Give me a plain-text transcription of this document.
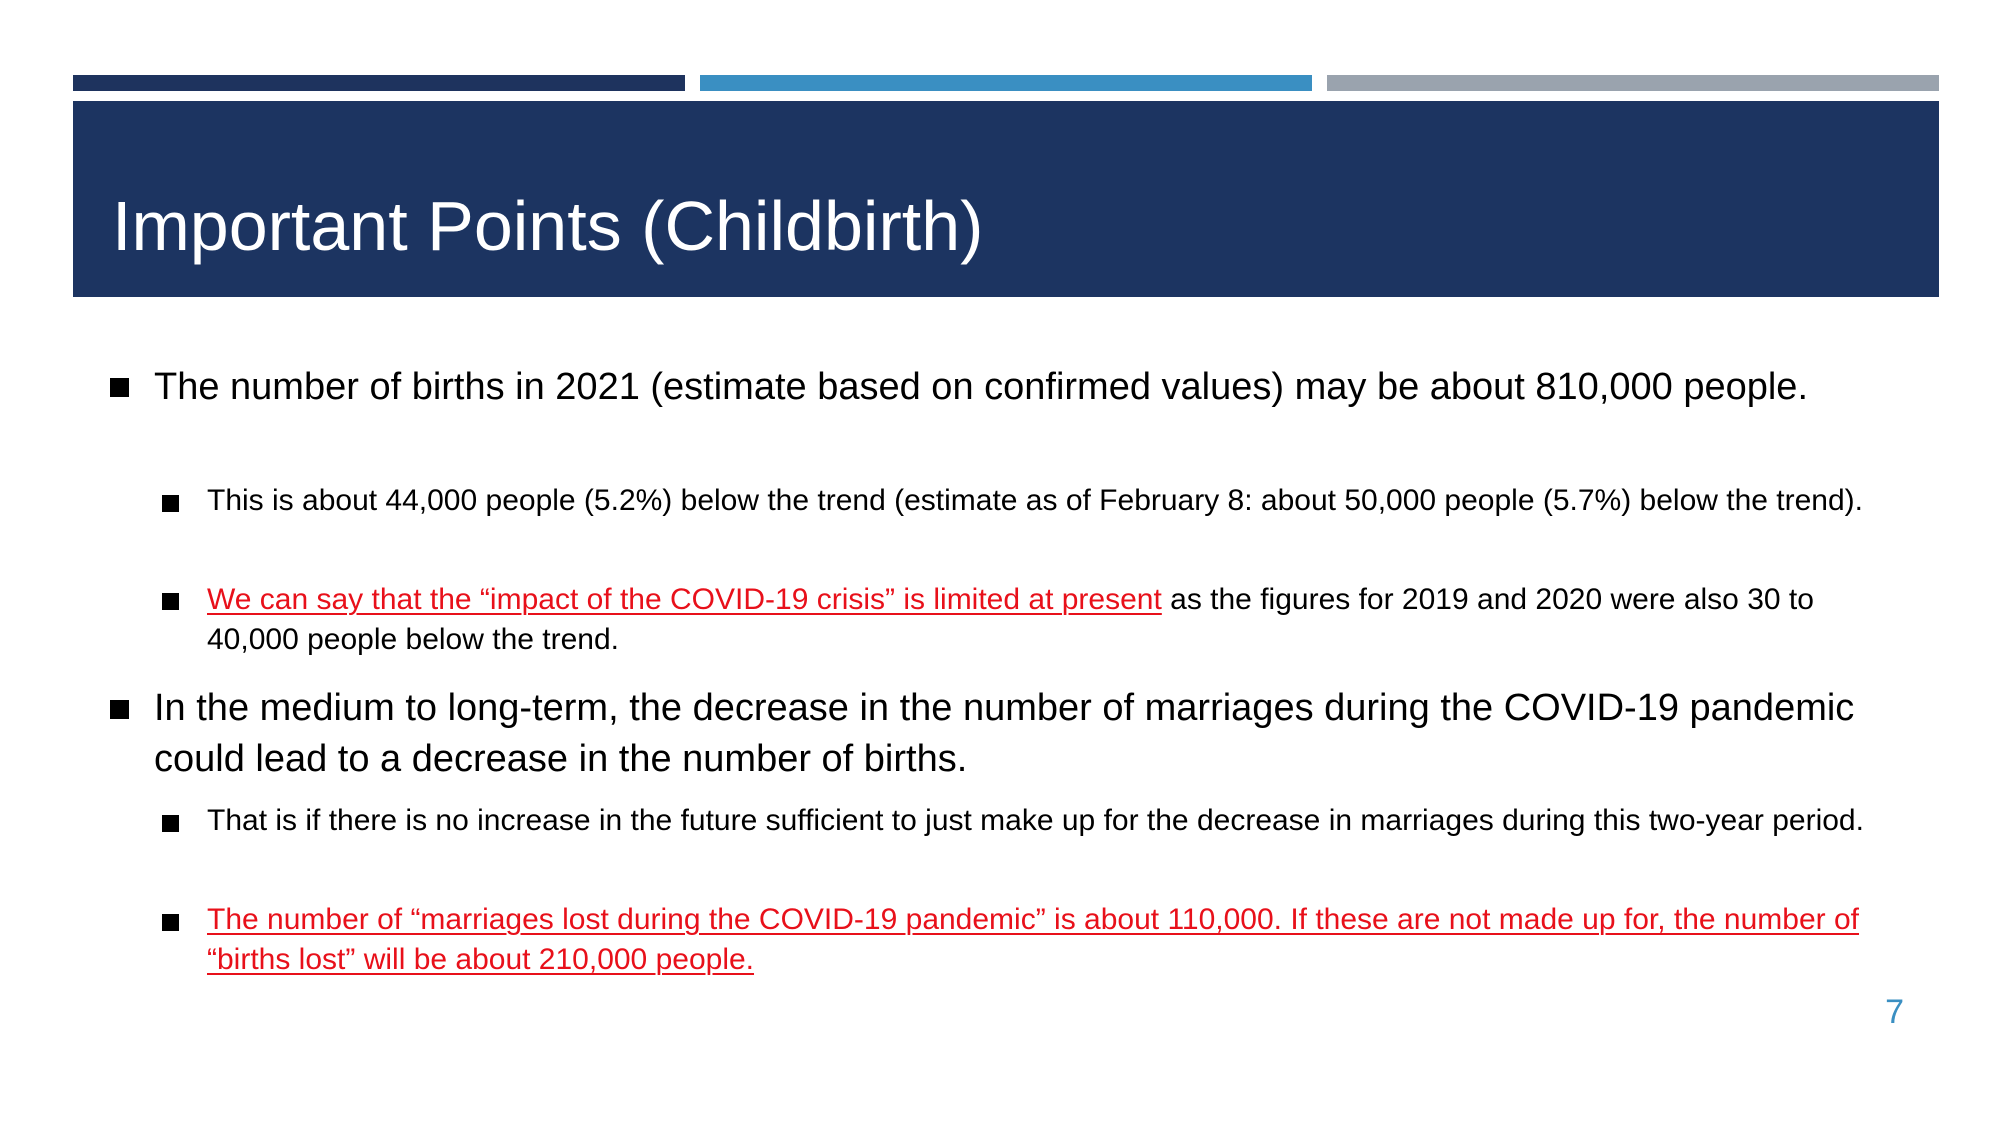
Important Points (Childbirth)

The number of births in 2021 (estimate based on confirmed values) may be about 810,000 people.

This is about 44,000 people (5.2%) below the trend (estimate as of February 8: about 50,000 people (5.7%) below the trend).

We can say that the “impact of the COVID-19 crisis” is limited at present as the figures for 2019 and 2020 were also 30 to 40,000 people below the trend.

In the medium to long-term, the decrease in the number of marriages during the COVID-19 pandemic could lead to a decrease in the number of births.

That is if there is no increase in the future sufficient to just make up for the decrease in marriages during this two-year period.

The number of “marriages lost during the COVID-19 pandemic” is about 110,000. If these are not made up for, the number of “births lost” will be about 210,000 people.

7
